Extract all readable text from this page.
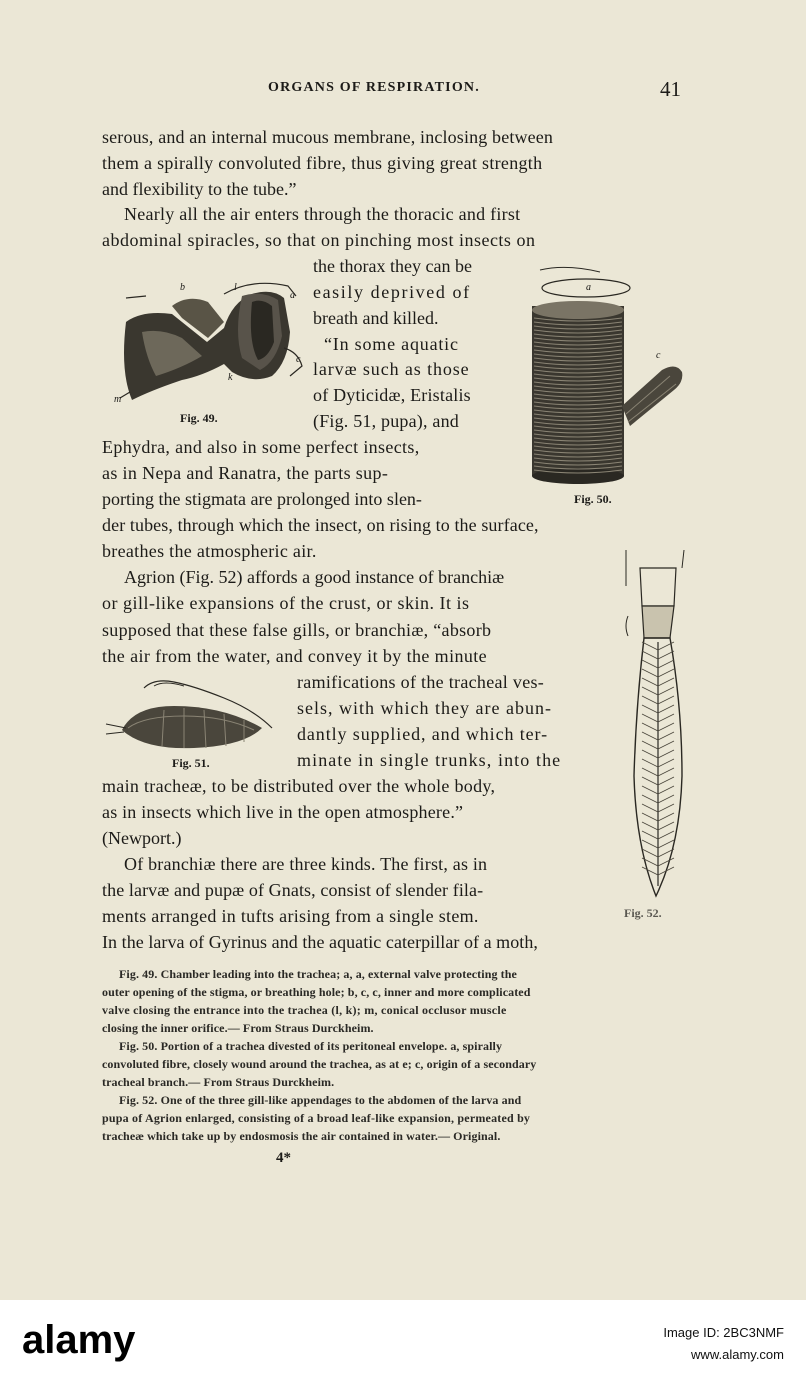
ORGANS OF RESPIRATION.	41
serous, and an internal mucous membrane, inclosing between
them a spirally convoluted fibre, thus giving great strength
and flexibility to the tube.”
Nearly all the air enters through the thoracic and first
abdominal spiracles, so that on pinching most insects on
the thorax they can be
easily deprived of
breath and killed.
“In some aquatic
larvæ such as those
of Dyticidæ, Eristalis
(Fig. 51, pupa), and
Ephydra, and also in some perfect insects,
as in Nepa and Ranatra, the parts sup-
porting the stigmata are prolonged into slen-
der tubes, through which the insect, on rising to the surface,
breathes the atmospheric air.
Agrion (Fig. 52) affords a good instance of branchiæ
or gill-like expansions of the crust, or skin. It is
supposed that these false gills, or branchiæ, “absorb
the air from the water, and convey it by the minute
ramifications of the tracheal ves-
sels, with which they are abun-
dantly supplied, and which ter-
minate in single trunks, into the
main tracheæ, to be distributed over the whole body,
as in insects which live in the open atmosphere.”
(Newport.)
Of branchiæ there are three kinds. The first, as in
the larvæ and pupæ of Gnats, consist of slender fila-
ments arranged in tufts arising from a single stem.
In the larva of Gyrinus and the aquatic caterpillar of a moth,
a
b
c
k
l
m
Fig. 49.
a
c
Fig. 50.
Fig. 51.
Fig. 52.
Fig. 49. Chamber leading into the trachea; a, a, external valve protecting the
outer opening of the stigma, or breathing hole; b, c, c, inner and more complicated
valve closing the entrance into the trachea (l, k); m, conical occlusor muscle
closing the inner orifice.— From Straus Durckheim.
Fig. 50. Portion of a trachea divested of its peritoneal envelope. a, spirally
convoluted fibre, closely wound around the trachea, as at e; c, origin of a secondary
tracheal branch.— From Straus Durckheim.
Fig. 52. One of the three gill-like appendages to the abdomen of the larva and
pupa of Agrion enlarged, consisting of a broad leaf-like expansion, permeated by
tracheæ which take up by endosmosis the air contained in water.— Original.
4*
alamy	Image ID: 2BC3NMF
www.alamy.com
